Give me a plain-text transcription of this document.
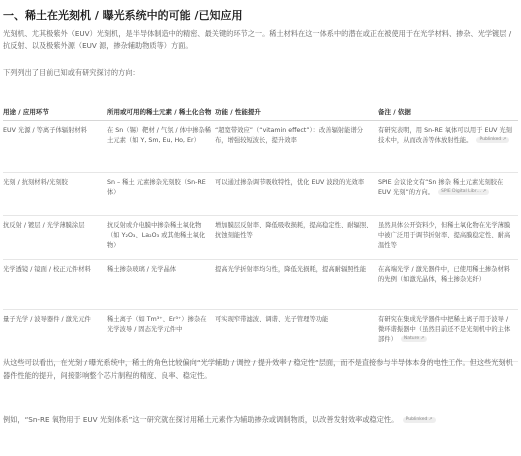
一、稀土在光刻机 / 曝光系统中的可能 /已知应用

光刻机、尤其极紫外（EUV）光刻机，是半导体制造中的精密、最关键的环节之一。稀土材料在这一体系中的潜在或正在被使用于在光学材料、掺杂、光学镀层 / 抗反射、以及极紫外源（EUV 源，掺杂辅助物质等）方面。

下列列出了目前已知或有研究探讨的方向：

用途 / 应用环节	所用或可用的稀土元素 / 稀土化合物	功能 / 性能提升	备注 / 依据
EUV 光源 / 等离子体辐射材料	在 Sn（锡）靶材 / 气氛 / 体中掺杂稀土元素（如 Y, Sm, Eu, Ho, Er）	“超宽带效应”（“vitamin effect”）：改善辐射能谱分布，增强较短波长，提升效率	有研究表明，用 Sn-RE 氧体可以用于 EUV 光刻技术中，从而改善等体放射性能。 Publinked ↗
光刻 / 抗刻材料/光刻胶	Sn – 稀土 元素掺杂光刻胶（Sn-RE 体）	可以通过掺杂调节吸收特性，优化 EUV 波段的光效率	SPIE 会议论文有“Sn 掺杂 稀土元素光刻胶在 EUV 光刻”的方向。 SPIE Digital Libr… ↗
抗反射 / 镀层 / 光学薄膜涂层	抗反射或介电膜中掺杂稀土氧化物（如 Y₂O₃、La₂O₃ 或其他稀土氧化物）	增加膜层反射率、降低吸收损耗，提高稳定性、耐辐照、抗蚀刻能性等	虽然具体公开资料少，但稀土氧化物在光学薄膜中被广泛用于调节折射率、提高膜稳定性、耐高温性等
光学透镜 / 镜面 / 校正元件材料	稀土掺杂玻璃 / 光学晶体	提高光学折射率均匀性，降低光损耗，提高耐辐照性能	在高端光学 / 激光器件中，已使用稀土掺杂材料的先例（如激光晶体，稀土掺杂光纤）
量子光学 / 波导器件 / 激光元件	稀土离子（如 Tm³⁺、Er³⁺）掺杂在光学波导 / 固态光学元件中	可实现窄带滤波、调谐、光子管理等功能	有研究在集成光学器件中把稀土离子用于波导 / 微环谐振器中（虽然目前还不是光刻机中的主体部件） Nature ↗

从这些可以看出，在光刻 / 曝光系统中，稀土的角色比较偏向“光学辅助 / 调控 / 提升效率 / 稳定性”层面，而不是直接参与半导体本身的电性工作。但这些光刻机器件性能的提升，间接影响整个芯片制程的精度、良率、稳定性。

例如，“Sn-RE 氧物用于 EUV 光刻体系”这一研究就在探讨用稀土元素作为辅助掺杂或调制物质，以改善发射效率或稳定性。 Publinked ↗
